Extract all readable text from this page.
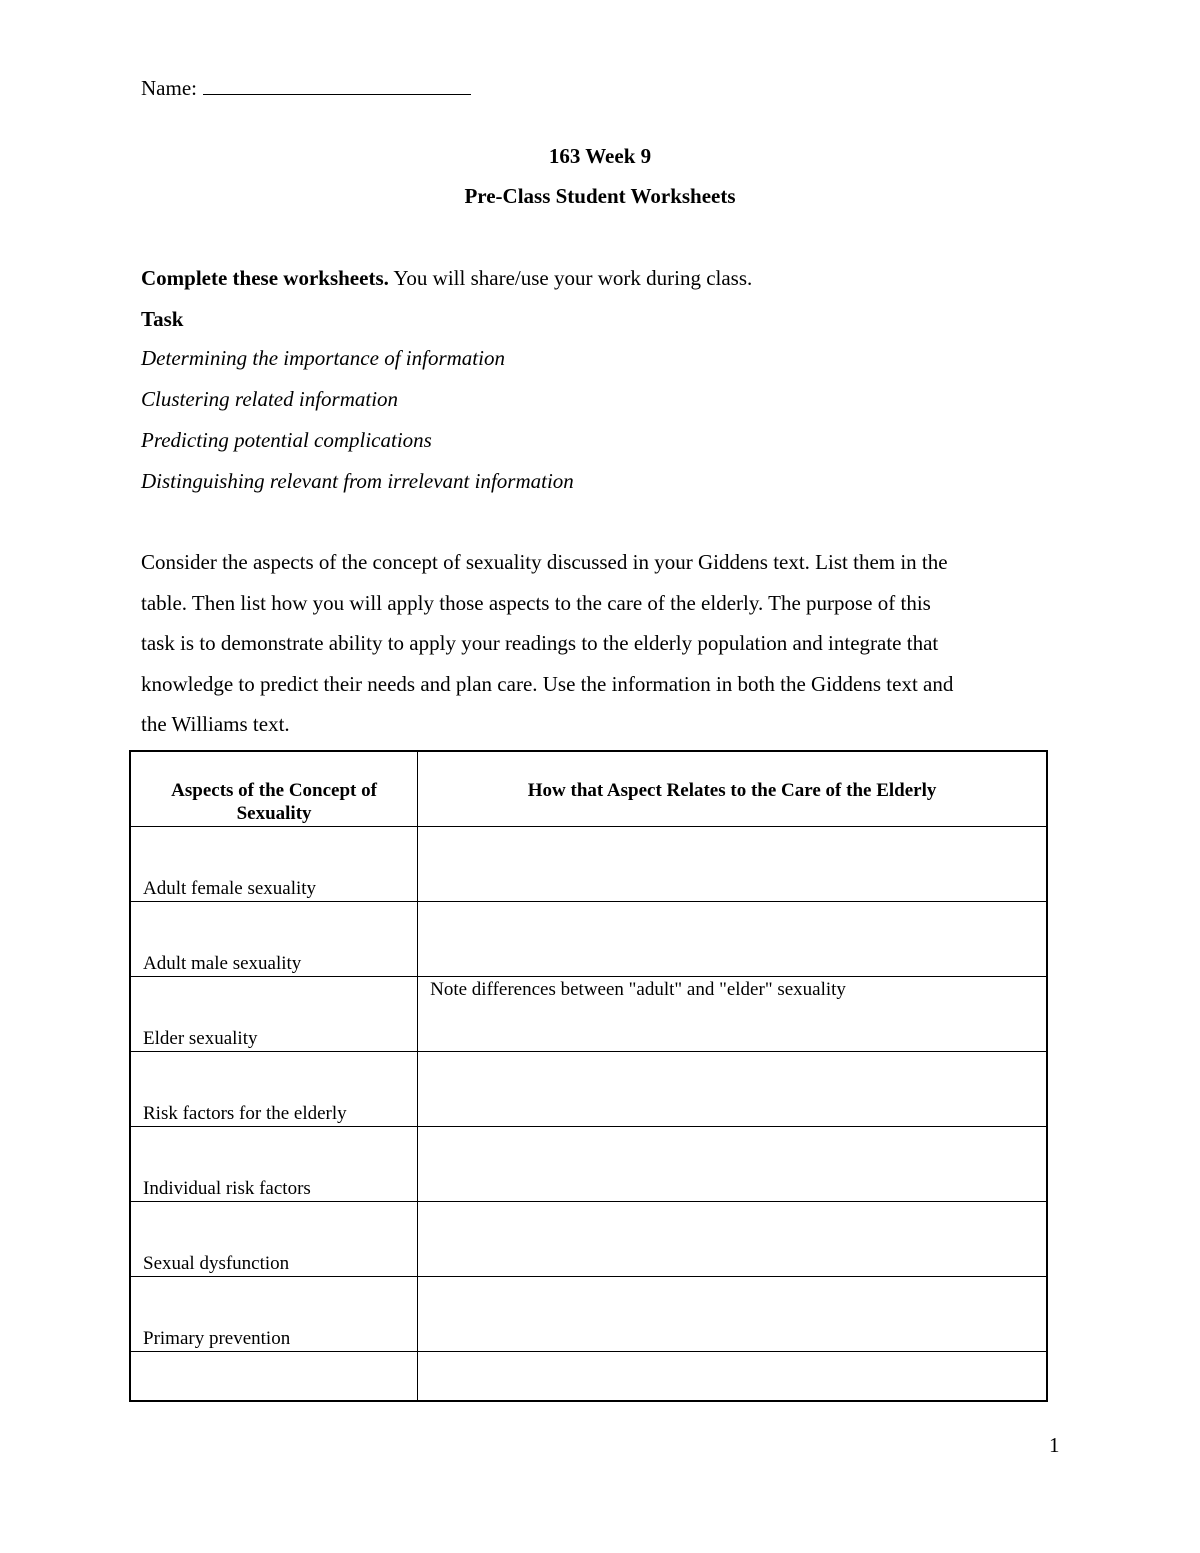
Name:
163 Week 9
Pre-Class Student Worksheets
Complete these worksheets. You will share/use your work during class.
Task
Determining the importance of information
Clustering related information
Predicting potential complications
Distinguishing relevant from irrelevant information
Consider the aspects of the concept of sexuality discussed in your Giddens text. List them in the
table. Then list how you will apply those aspects to the care of the elderly. The purpose of this
task is to demonstrate ability to apply your readings to the elderly population and integrate that
knowledge to predict their needs and plan care. Use the information in both the Giddens text and
the Williams text.
Aspects of the Concept of Sexuality	How that Aspect Relates to the Care of the Elderly
Adult female sexuality	
Adult male sexuality	
Elder sexuality	Note differences between "adult" and "elder" sexuality
Risk factors for the elderly	
Individual risk factors	
Sexual dysfunction	
Primary prevention	

1
